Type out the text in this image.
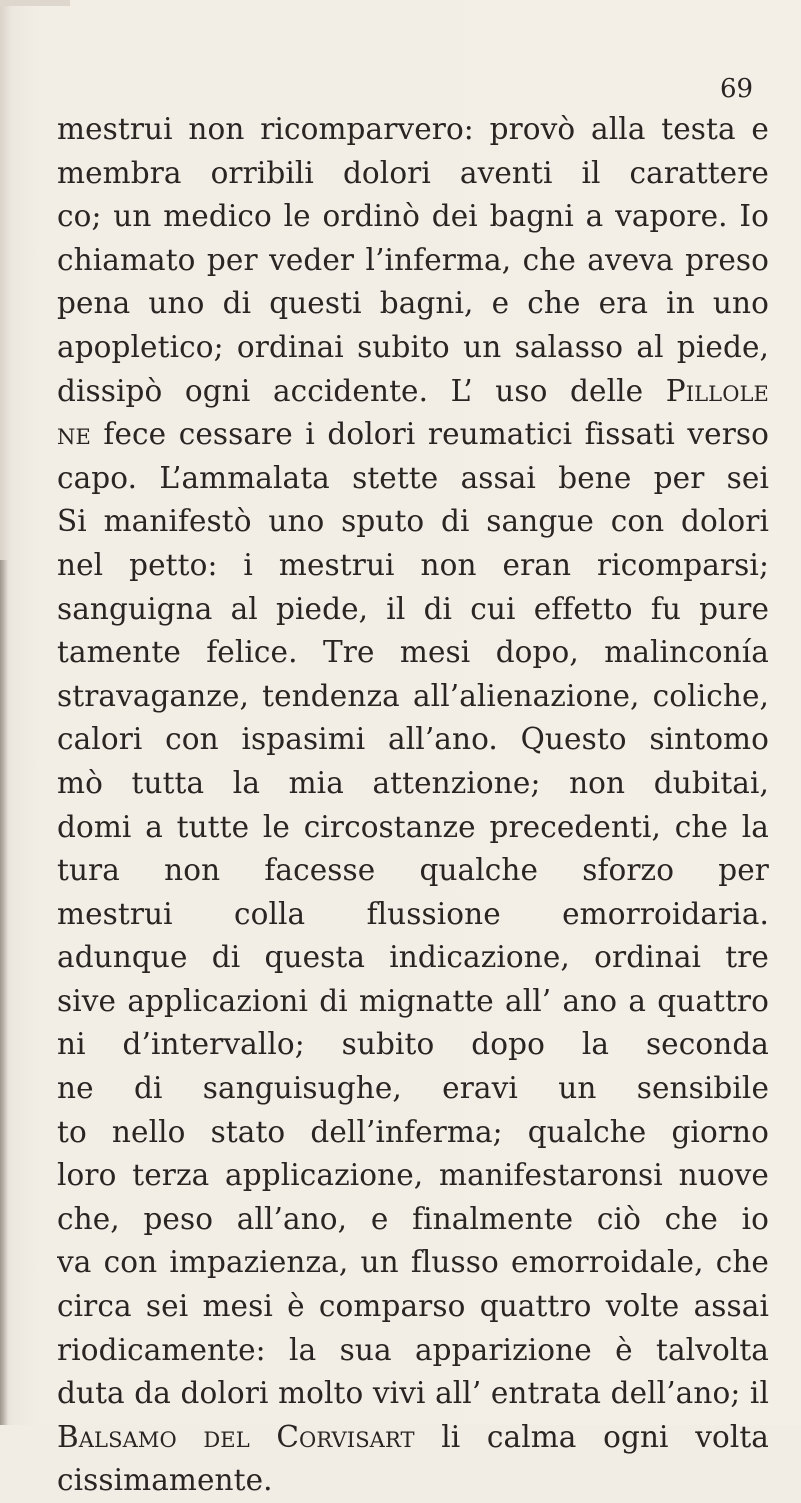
69
mestrui non ricomparvero: provò alla testa e
membra orribili dolori aventi il carattere
co; un medico le ordinò dei bagni a vapore. Io
chiamato per veder l’inferma, che aveva preso
pena uno di questi bagni, e che era in uno
apopletico; ordinai subito un salasso al piede,
dissipò ogni accidente. L’ uso delle Pillole
ne fece cessare i dolori reumatici fissati verso
capo. L’ammalata stette assai bene per sei
Si manifestò uno sputo di sangue con dolori
nel petto: i mestrui non eran ricomparsi;
sanguigna al piede, il di cui effetto fu pure
tamente felice. Tre mesi dopo, malinconía
stravaganze, tendenza all’alienazione, coliche,
calori con ispasimi all’ano. Questo sintomo
mò tutta la mia attenzione; non dubitai,
domi a tutte le circostanze precedenti, che la
tura non facesse qualche sforzo per
mestrui colla flussione emorroidaria.
adunque di questa indicazione, ordinai tre
sive applicazioni di mignatte all’ ano a quattro
ni d’intervallo; subito dopo la seconda
ne di sanguisughe, eravi un sensibile
to nello stato dell’inferma; qualche giorno
loro terza applicazione, manifestaronsi nuove
che, peso all’ano, e finalmente ciò che io
va con impazienza, un flusso emorroidale, che
circa sei mesi è comparso quattro volte assai
riodicamente: la sua apparizione è talvolta
duta da dolori molto vivi all’ entrata dell’ano; il
Balsamo del Corvisart li calma ogni volta
cissimamente.
